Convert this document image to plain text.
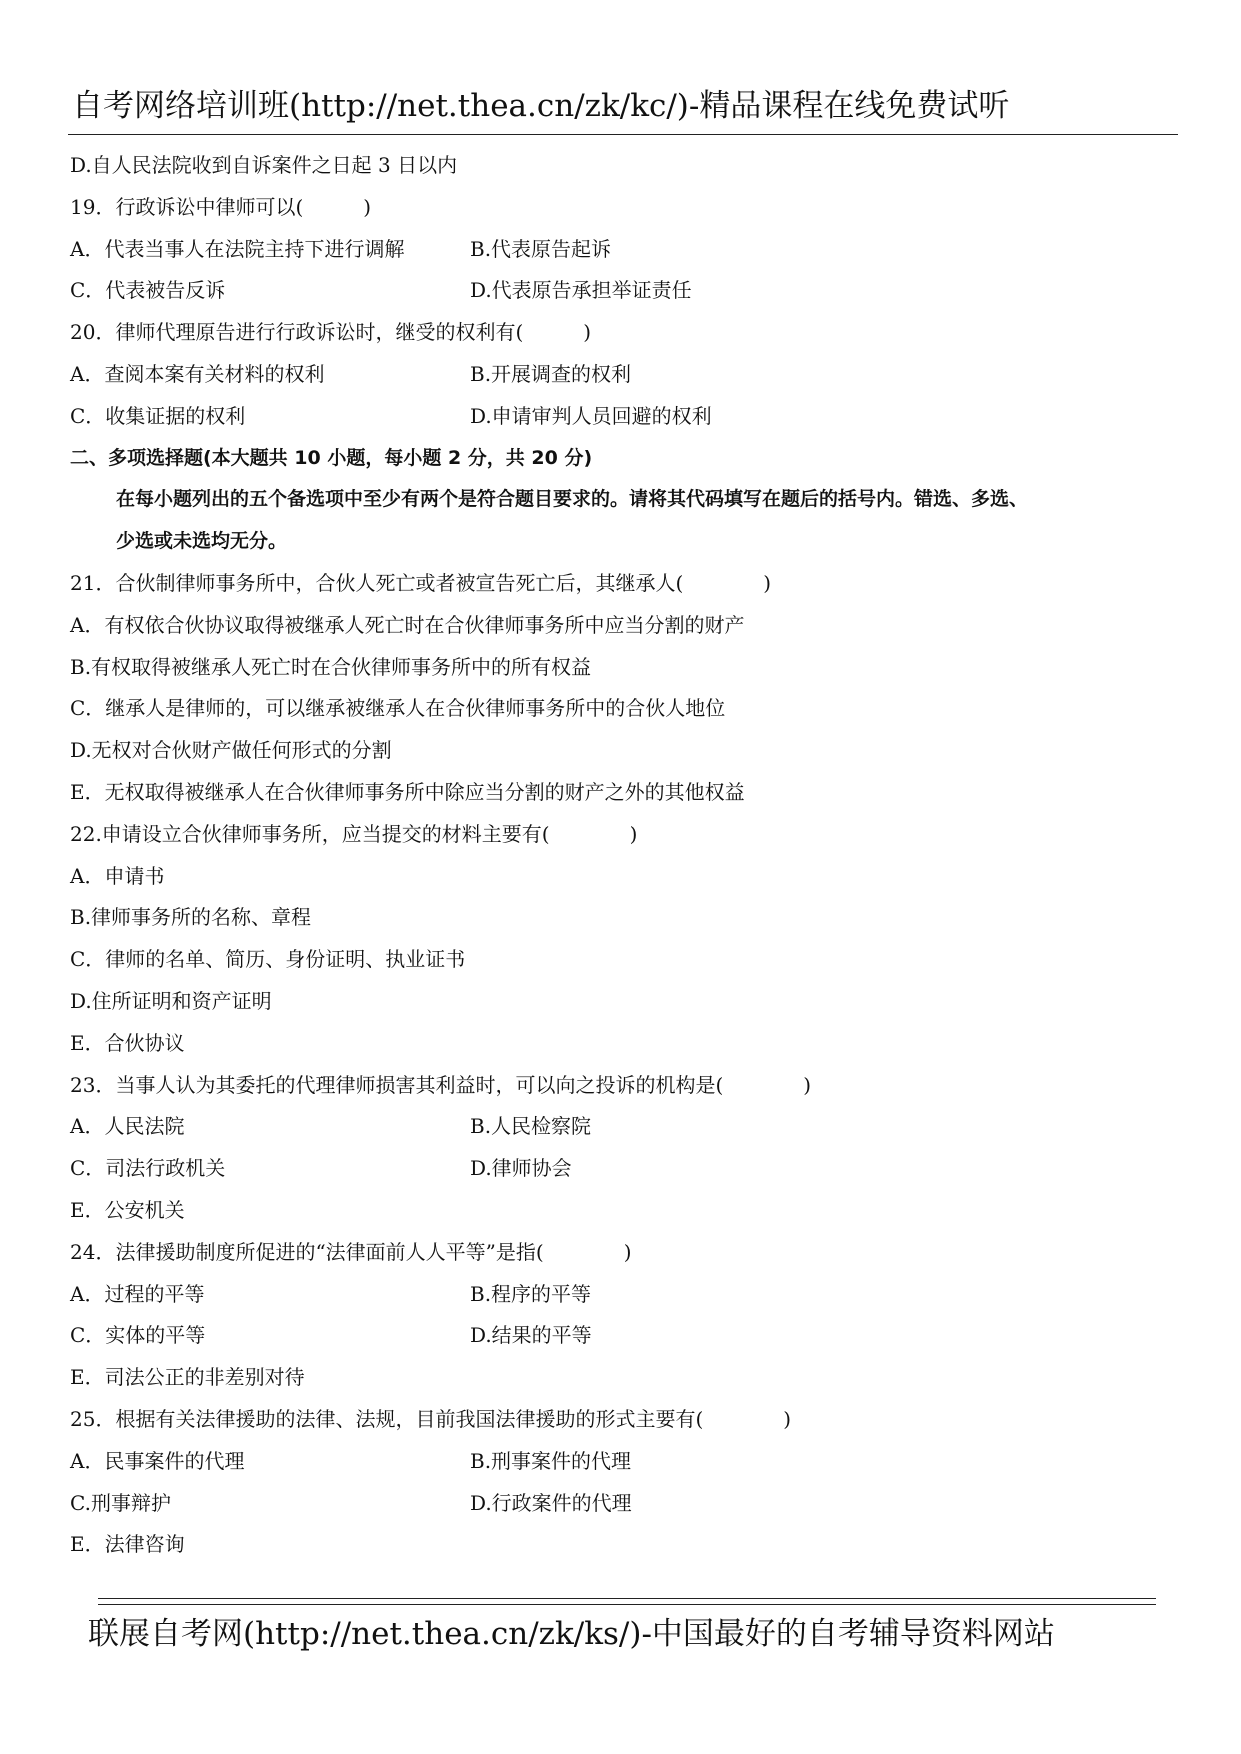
自考网络培训班(http://net.thea.cn/zk/kc/)-精品课程在线免费试听
D.自人民法院收到自诉案件之日起 3 日以内
19．行政诉讼中律师可以(　　　)
A．代表当事人在法院主持下进行调解	B.代表原告起诉
C．代表被告反诉	D.代表原告承担举证责任
20．律师代理原告进行行政诉讼时，继受的权利有(　　　)
A．查阅本案有关材料的权利	B.开展调查的权利
C．收集证据的权利	D.申请审判人员回避的权利
二、多项选择题(本大题共 10 小题，每小题 2 分，共 20 分)
在每小题列出的五个备选项中至少有两个是符合题目要求的。请将其代码填写在题后的括号内。错选、多选、
少选或未选均无分。
21．合伙制律师事务所中，合伙人死亡或者被宣告死亡后，其继承人(　　　　)
A．有权依合伙协议取得被继承人死亡时在合伙律师事务所中应当分割的财产
B.有权取得被继承人死亡时在合伙律师事务所中的所有权益
C．继承人是律师的，可以继承被继承人在合伙律师事务所中的合伙人地位
D.无权对合伙财产做任何形式的分割
E．无权取得被继承人在合伙律师事务所中除应当分割的财产之外的其他权益
22.申请设立合伙律师事务所，应当提交的材料主要有(　　　　)
A．申请书
B.律师事务所的名称、章程
C．律师的名单、简历、身份证明、执业证书
D.住所证明和资产证明
E．合伙协议
23．当事人认为其委托的代理律师损害其利益时，可以向之投诉的机构是(　　　　)
A．人民法院	B.人民检察院
C．司法行政机关	D.律师协会
E．公安机关
24．法律援助制度所促进的“法律面前人人平等”是指(　　　　)
A．过程的平等	B.程序的平等
C．实体的平等	D.结果的平等
E．司法公正的非差别对待
25．根据有关法律援助的法律、法规，目前我国法律援助的形式主要有(　　　　)
A．民事案件的代理	B.刑事案件的代理
C.刑事辩护	D.行政案件的代理
E．法律咨询
联展自考网(http://net.thea.cn/zk/ks/)-中国最好的自考辅导资料网站
